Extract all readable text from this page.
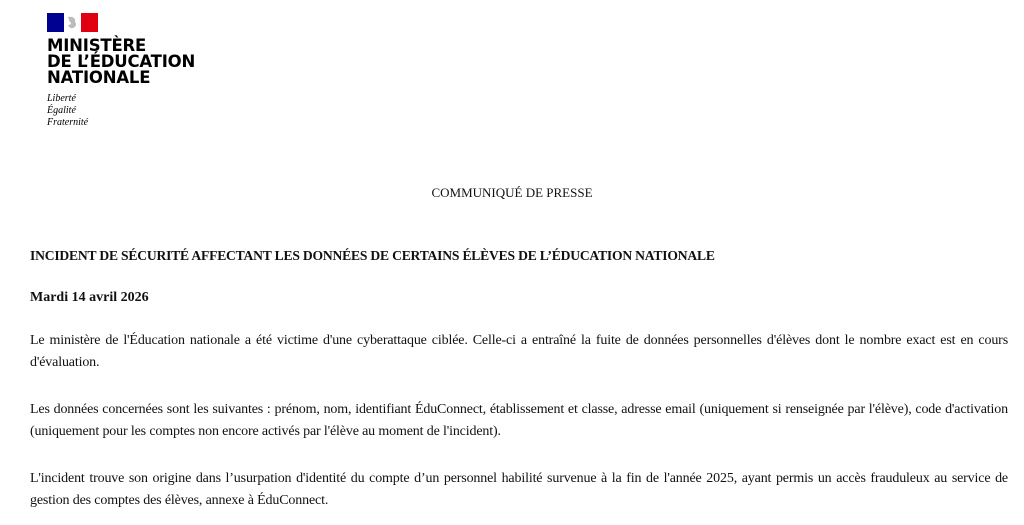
MINISTÈRE
DE L’ÉDUCATION
NATIONALE
Liberté
Égalité
Fraternité
COMMUNIQUÉ DE PRESSE
INCIDENT DE SÉCURITÉ AFFECTANT LES DONNÉES DE CERTAINS ÉLÈVES DE L’ÉDUCATION NATIONALE
Mardi 14 avril 2026
Le ministère de l'Éducation nationale a été victime d'une cyberattaque ciblée. Celle-ci a entraîné la fuite de données personnelles d'élèves dont le nombre exact est en cours d'évaluation.
Les données concernées sont les suivantes : prénom, nom, identifiant ÉduConnect, établissement et classe, adresse email (uniquement si renseignée par l'élève), code d'activation (uniquement pour les comptes non encore activés par l'élève au moment de l'incident).
L'incident trouve son origine dans l’usurpation d'identité du compte d’un personnel habilité survenue à la fin de l'année 2025, ayant permis un accès frauduleux au service de gestion des comptes des élèves, annexe à ÉduConnect.
